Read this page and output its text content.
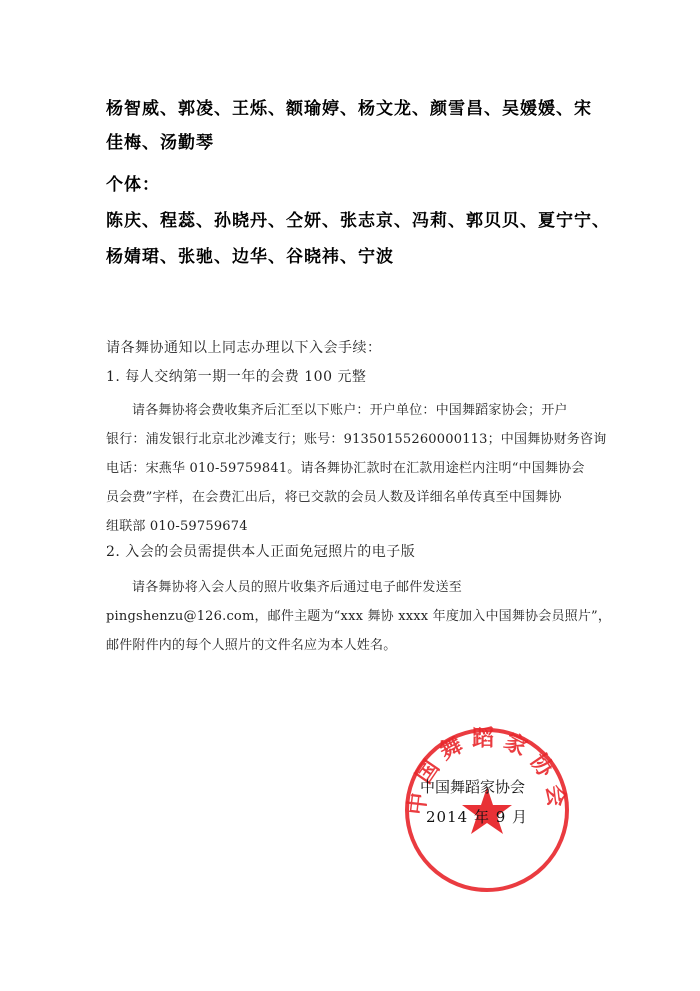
杨智威、郭凌、王烁、额瑜婷、杨文龙、颜雪昌、吴媛媛、宋
佳梅、汤勤琴
个体：
陈庆、程蕊、孙晓丹、仝妍、张志京、冯莉、郭贝贝、夏宁宁、
杨婧珺、张驰、边华、谷晓祎、宁波
请各舞协通知以上同志办理以下入会手续：
1. 每人交纳第一期一年的会费 100 元整
请各舞协将会费收集齐后汇至以下账户：开户单位：中国舞蹈家协会；开户
银行：浦发银行北京北沙滩支行；账号：91350155260000113；中国舞协财务咨询
电话：宋燕华 010-59759841。请各舞协汇款时在汇款用途栏内注明“中国舞协会
员会费”字样，在会费汇出后，将已交款的会员人数及详细名单传真至中国舞协
组联部 010-59759674
2. 入会的会员需提供本人正面免冠照片的电子版
请各舞协将入会人员的照片收集齐后通过电子邮件发送至
pingshenzu@126.com，邮件主题为“xxx 舞协 xxxx 年度加入中国舞协会员照片”，
邮件附件内的每个人照片的文件名应为本人姓名。
中国舞蹈家协会
中国舞蹈家协会
2014 年 9 月
